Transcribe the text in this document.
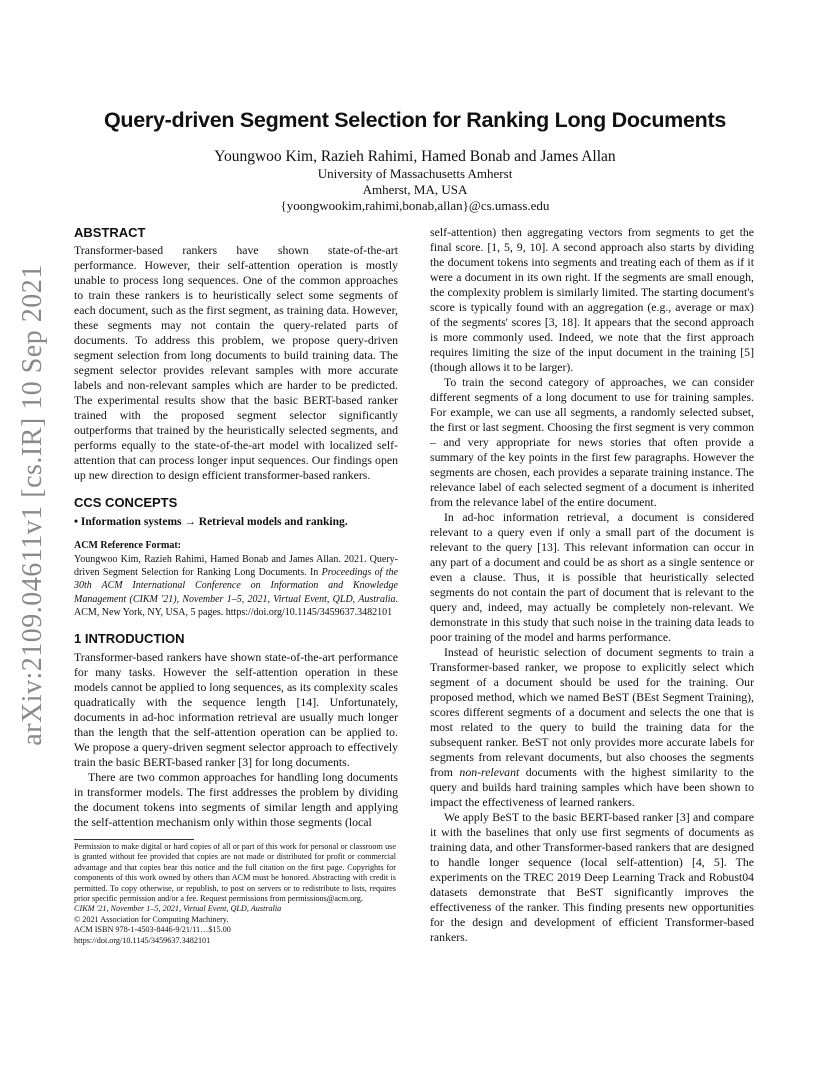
arXiv:2109.04611v1 [cs.IR] 10 Sep 2021
Query-driven Segment Selection for Ranking Long Documents
Youngwoo Kim, Razieh Rahimi, Hamed Bonab and James Allan
University of Massachusetts Amherst
Amherst, MA, USA
{yoongwookim,rahimi,bonab,allan}@cs.umass.edu

ABSTRACT

Transformer-based rankers have shown state-of-the-art performance. However, their self-attention operation is mostly unable to process long sequences. One of the common approaches to train these rankers is to heuristically select some segments of each document, such as the first segment, as training data. However, these segments may not contain the query-related parts of documents. To address this problem, we propose query-driven segment selection from long documents to build training data. The segment selector provides relevant samples with more accurate labels and non-relevant samples which are harder to be predicted. The experimental results show that the basic BERT-based ranker trained with the proposed segment selector significantly outperforms that trained by the heuristically selected segments, and performs equally to the state-of-the-art model with localized self-attention that can process longer input sequences. Our findings open up new direction to design efficient transformer-based rankers.

CCS CONCEPTS

• Information systems → Retrieval models and ranking.

ACM Reference Format:

Youngwoo Kim, Razieh Rahimi, Hamed Bonab and James Allan. 2021. Query-driven Segment Selection for Ranking Long Documents. In Proceedings of the 30th ACM International Conference on Information and Knowledge Management (CIKM '21), November 1–5, 2021, Virtual Event, QLD, Australia. ACM, New York, NY, USA, 5 pages. https://doi.org/10.1145/3459637.3482101

1 INTRODUCTION

Transformer-based rankers have shown state-of-the-art performance for many tasks. However the self-attention operation in these models cannot be applied to long sequences, as its complexity scales quadratically with the sequence length [14]. Unfortunately, documents in ad-hoc information retrieval are usually much longer than the length that the self-attention operation can be applied to. We propose a query-driven segment selector approach to effectively train the basic BERT-based ranker [3] for long documents.

There are two common approaches for handling long documents in transformer models. The first addresses the problem by dividing the document tokens into segments of similar length and applying the self-attention mechanism only within those segments (local

Permission to make digital or hard copies of all or part of this work for personal or classroom use is granted without fee provided that copies are not made or distributed for profit or commercial advantage and that copies bear this notice and the full citation on the first page. Copyrights for components of this work owned by others than ACM must be honored. Abstracting with credit is permitted. To copy otherwise, or republish, to post on servers or to redistribute to lists, requires prior specific permission and/or a fee. Request permissions from permissions@acm.org.

CIKM '21, November 1–5, 2021, Virtual Event, QLD, Australia

© 2021 Association for Computing Machinery.

ACM ISBN 978-1-4503-8446-9/21/11…$15.00

https://doi.org/10.1145/3459637.3482101

self-attention) then aggregating vectors from segments to get the final score. [1, 5, 9, 10]. A second approach also starts by dividing the document tokens into segments and treating each of them as if it were a document in its own right. If the segments are small enough, the complexity problem is similarly limited. The starting document's score is typically found with an aggregation (e.g., average or max) of the segments' scores [3, 18]. It appears that the second approach is more commonly used. Indeed, we note that the first approach requires limiting the size of the input document in the training [5] (though allows it to be larger).

To train the second category of approaches, we can consider different segments of a long document to use for training samples. For example, we can use all segments, a randomly selected subset, the first or last segment. Choosing the first segment is very common – and very appropriate for news stories that often provide a summary of the key points in the first few paragraphs. However the segments are chosen, each provides a separate training instance. The relevance label of each selected segment of a document is inherited from the relevance label of the entire document.

In ad-hoc information retrieval, a document is considered relevant to a query even if only a small part of the document is relevant to the query [13]. This relevant information can occur in any part of a document and could be as short as a single sentence or even a clause. Thus, it is possible that heuristically selected segments do not contain the part of document that is relevant to the query and, indeed, may actually be completely non-relevant. We demonstrate in this study that such noise in the training data leads to poor training of the model and harms performance.

Instead of heuristic selection of document segments to train a Transformer-based ranker, we propose to explicitly select which segment of a document should be used for the training. Our proposed method, which we named BeST (BEst Segment Training), scores different segments of a document and selects the one that is most related to the query to build the training data for the subsequent ranker. BeST not only provides more accurate labels for segments from relevant documents, but also chooses the segments from non-relevant documents with the highest similarity to the query and builds hard training samples which have been shown to impact the effectiveness of learned rankers.

We apply BeST to the basic BERT-based ranker [3] and compare it with the baselines that only use first segments of documents as training data, and other Transformer-based rankers that are designed to handle longer sequence (local self-attention) [4, 5]. The experiments on the TREC 2019 Deep Learning Track and Robust04 datasets demonstrate that BeST significantly improves the effectiveness of the ranker. This finding presents new opportunities for the design and development of efficient Transformer-based rankers.
